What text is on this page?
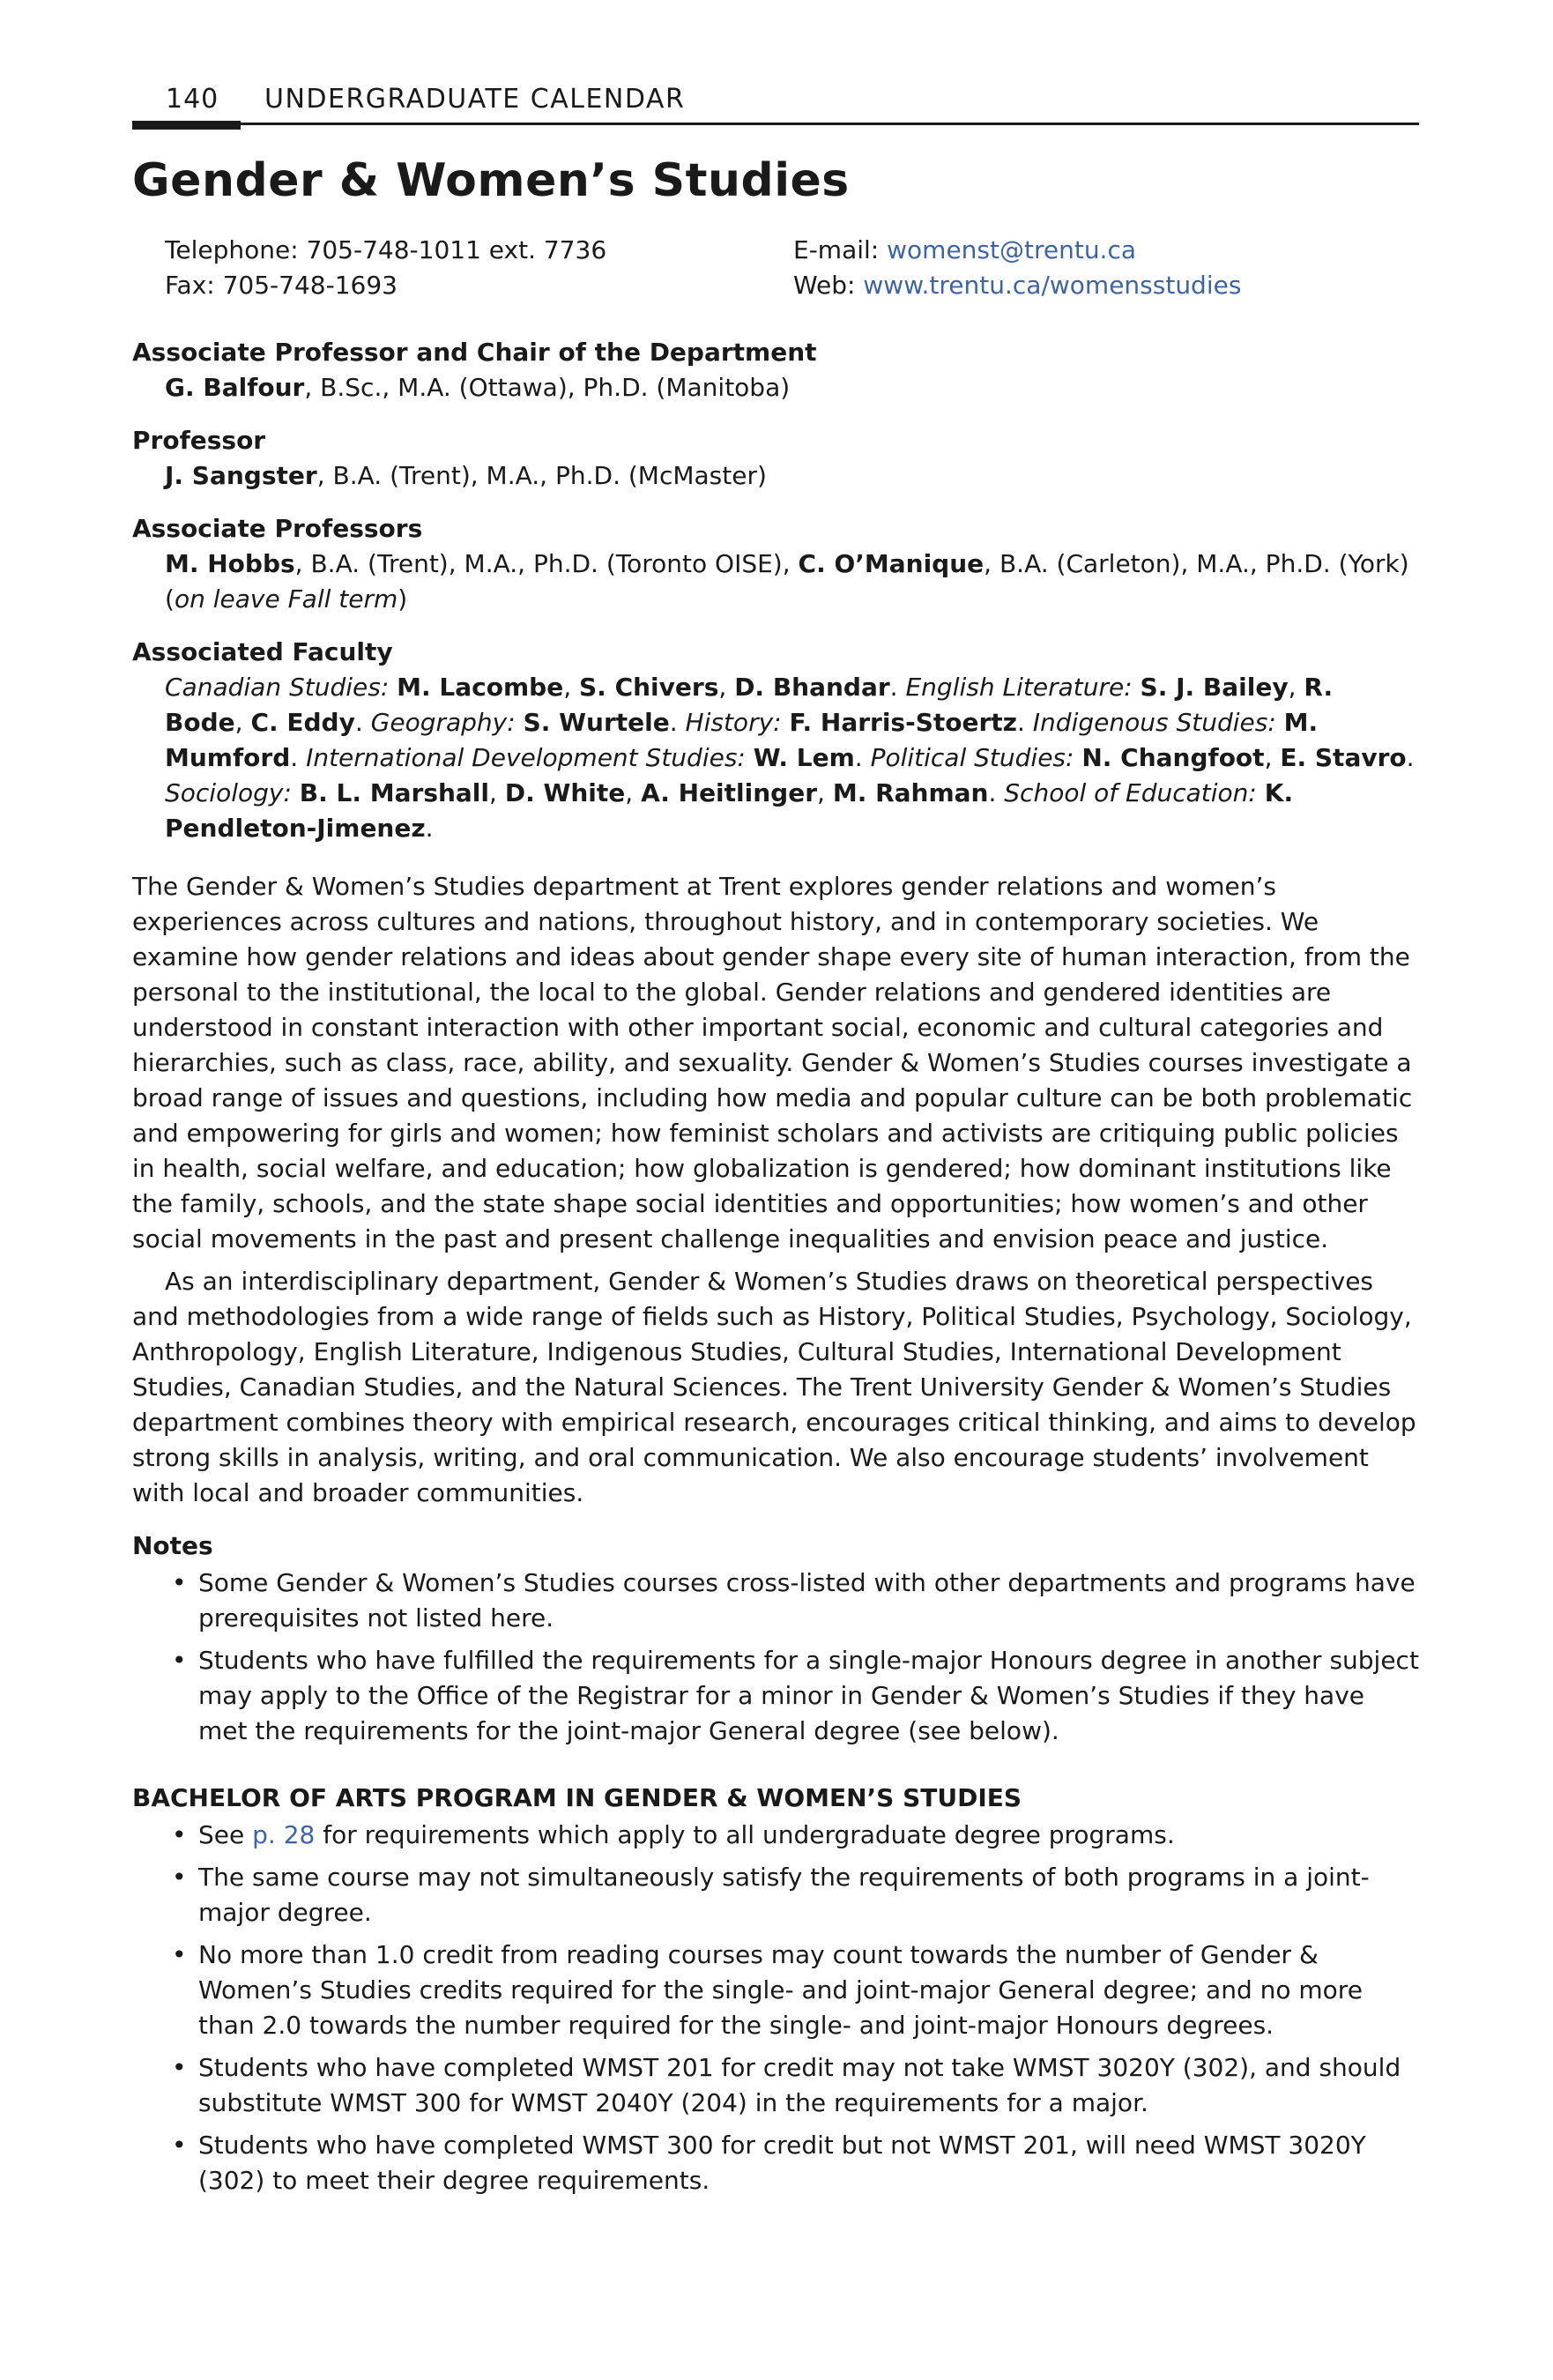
140 UNDERGRADUATE CALENDAR
Gender & Women’s Studies
Telephone: 705-748-1011 ext. 7736
Fax: 705-748-1693
E-mail: womenst@trentu.ca
Web: www.trentu.ca/womensstudies

Associate Professor and Chair of the Department

G. Balfour, B.Sc., M.A. (Ottawa), Ph.D. (Manitoba)

Professor

J. Sangster, B.A. (Trent), M.A., Ph.D. (McMaster)

Associate Professors

M. Hobbs, B.A. (Trent), M.A., Ph.D. (Toronto OISE), C. O’Manique, B.A. (Carleton), M.A., Ph.D. (York) (on leave Fall term)

Associated Faculty

Canadian Studies: M. Lacombe, S. Chivers, D. Bhandar. English Literature: S. J. Bailey, R. Bode, C. Eddy. Geography: S. Wurtele. History: F. Harris-Stoertz. Indigenous Studies: M. Mumford. International Development Studies: W. Lem. Political Studies: N. Changfoot, E. Stavro. Sociology: B. L. Marshall, D. White, A. Heitlinger, M. Rahman. School of Education: K. Pendleton-Jimenez.

The Gender & Women’s Studies department at Trent explores gender relations and women’s experiences across cultures and nations, throughout history, and in contemporary societies. We examine how gender relations and ideas about gender shape every site of human interaction, from the personal to the institutional, the local to the global. Gender relations and gendered identities are understood in constant interaction with other important social, economic and cultural categories and hierarchies, such as class, race, ability, and sexuality. Gender & Women’s Studies courses investigate a broad range of issues and questions, including how media and popular culture can be both problematic and empowering for girls and women; how feminist scholars and activists are critiquing public policies in health, social welfare, and education; how globalization is gendered; how dominant institutions like the family, schools, and the state shape social identities and opportunities; how women’s and other social movements in the past and present challenge inequalities and envision peace and justice.

As an interdisciplinary department, Gender & Women’s Studies draws on theoretical perspectives and methodologies from a wide range of fields such as History, Political Studies, Psychology, Sociology, Anthropology, English Literature, Indigenous Studies, Cultural Studies, International Development Studies, Canadian Studies, and the Natural Sciences. The Trent University Gender & Women’s Studies department combines theory with empirical research, encourages critical thinking, and aims to develop strong skills in analysis, writing, and oral communication. We also encourage students’ involvement with local and broader communities.

Notes

• Some Gender & Women’s Studies courses cross-listed with other departments and programs have prerequisites not listed here.
• Students who have fulfilled the requirements for a single-major Honours degree in another subject may apply to the Office of the Registrar for a minor in Gender & Women’s Studies if they have met the requirements for the joint-major General degree (see below).

BACHELOR OF ARTS PROGRAM IN GENDER & WOMEN’S STUDIES

• See p. 28 for requirements which apply to all undergraduate degree programs.
• The same course may not simultaneously satisfy the requirements of both programs in a joint-major degree.
• No more than 1.0 credit from reading courses may count towards the number of Gender & Women’s Studies credits required for the single- and joint-major General degree; and no more than 2.0 towards the number required for the single- and joint-major Honours degrees.
• Students who have completed WMST 201 for credit may not take WMST 3020Y (302), and should substitute WMST 300 for WMST 2040Y (204) in the requirements for a major.
• Students who have completed WMST 300 for credit but not WMST 201, will need WMST 3020Y (302) to meet their degree requirements.
